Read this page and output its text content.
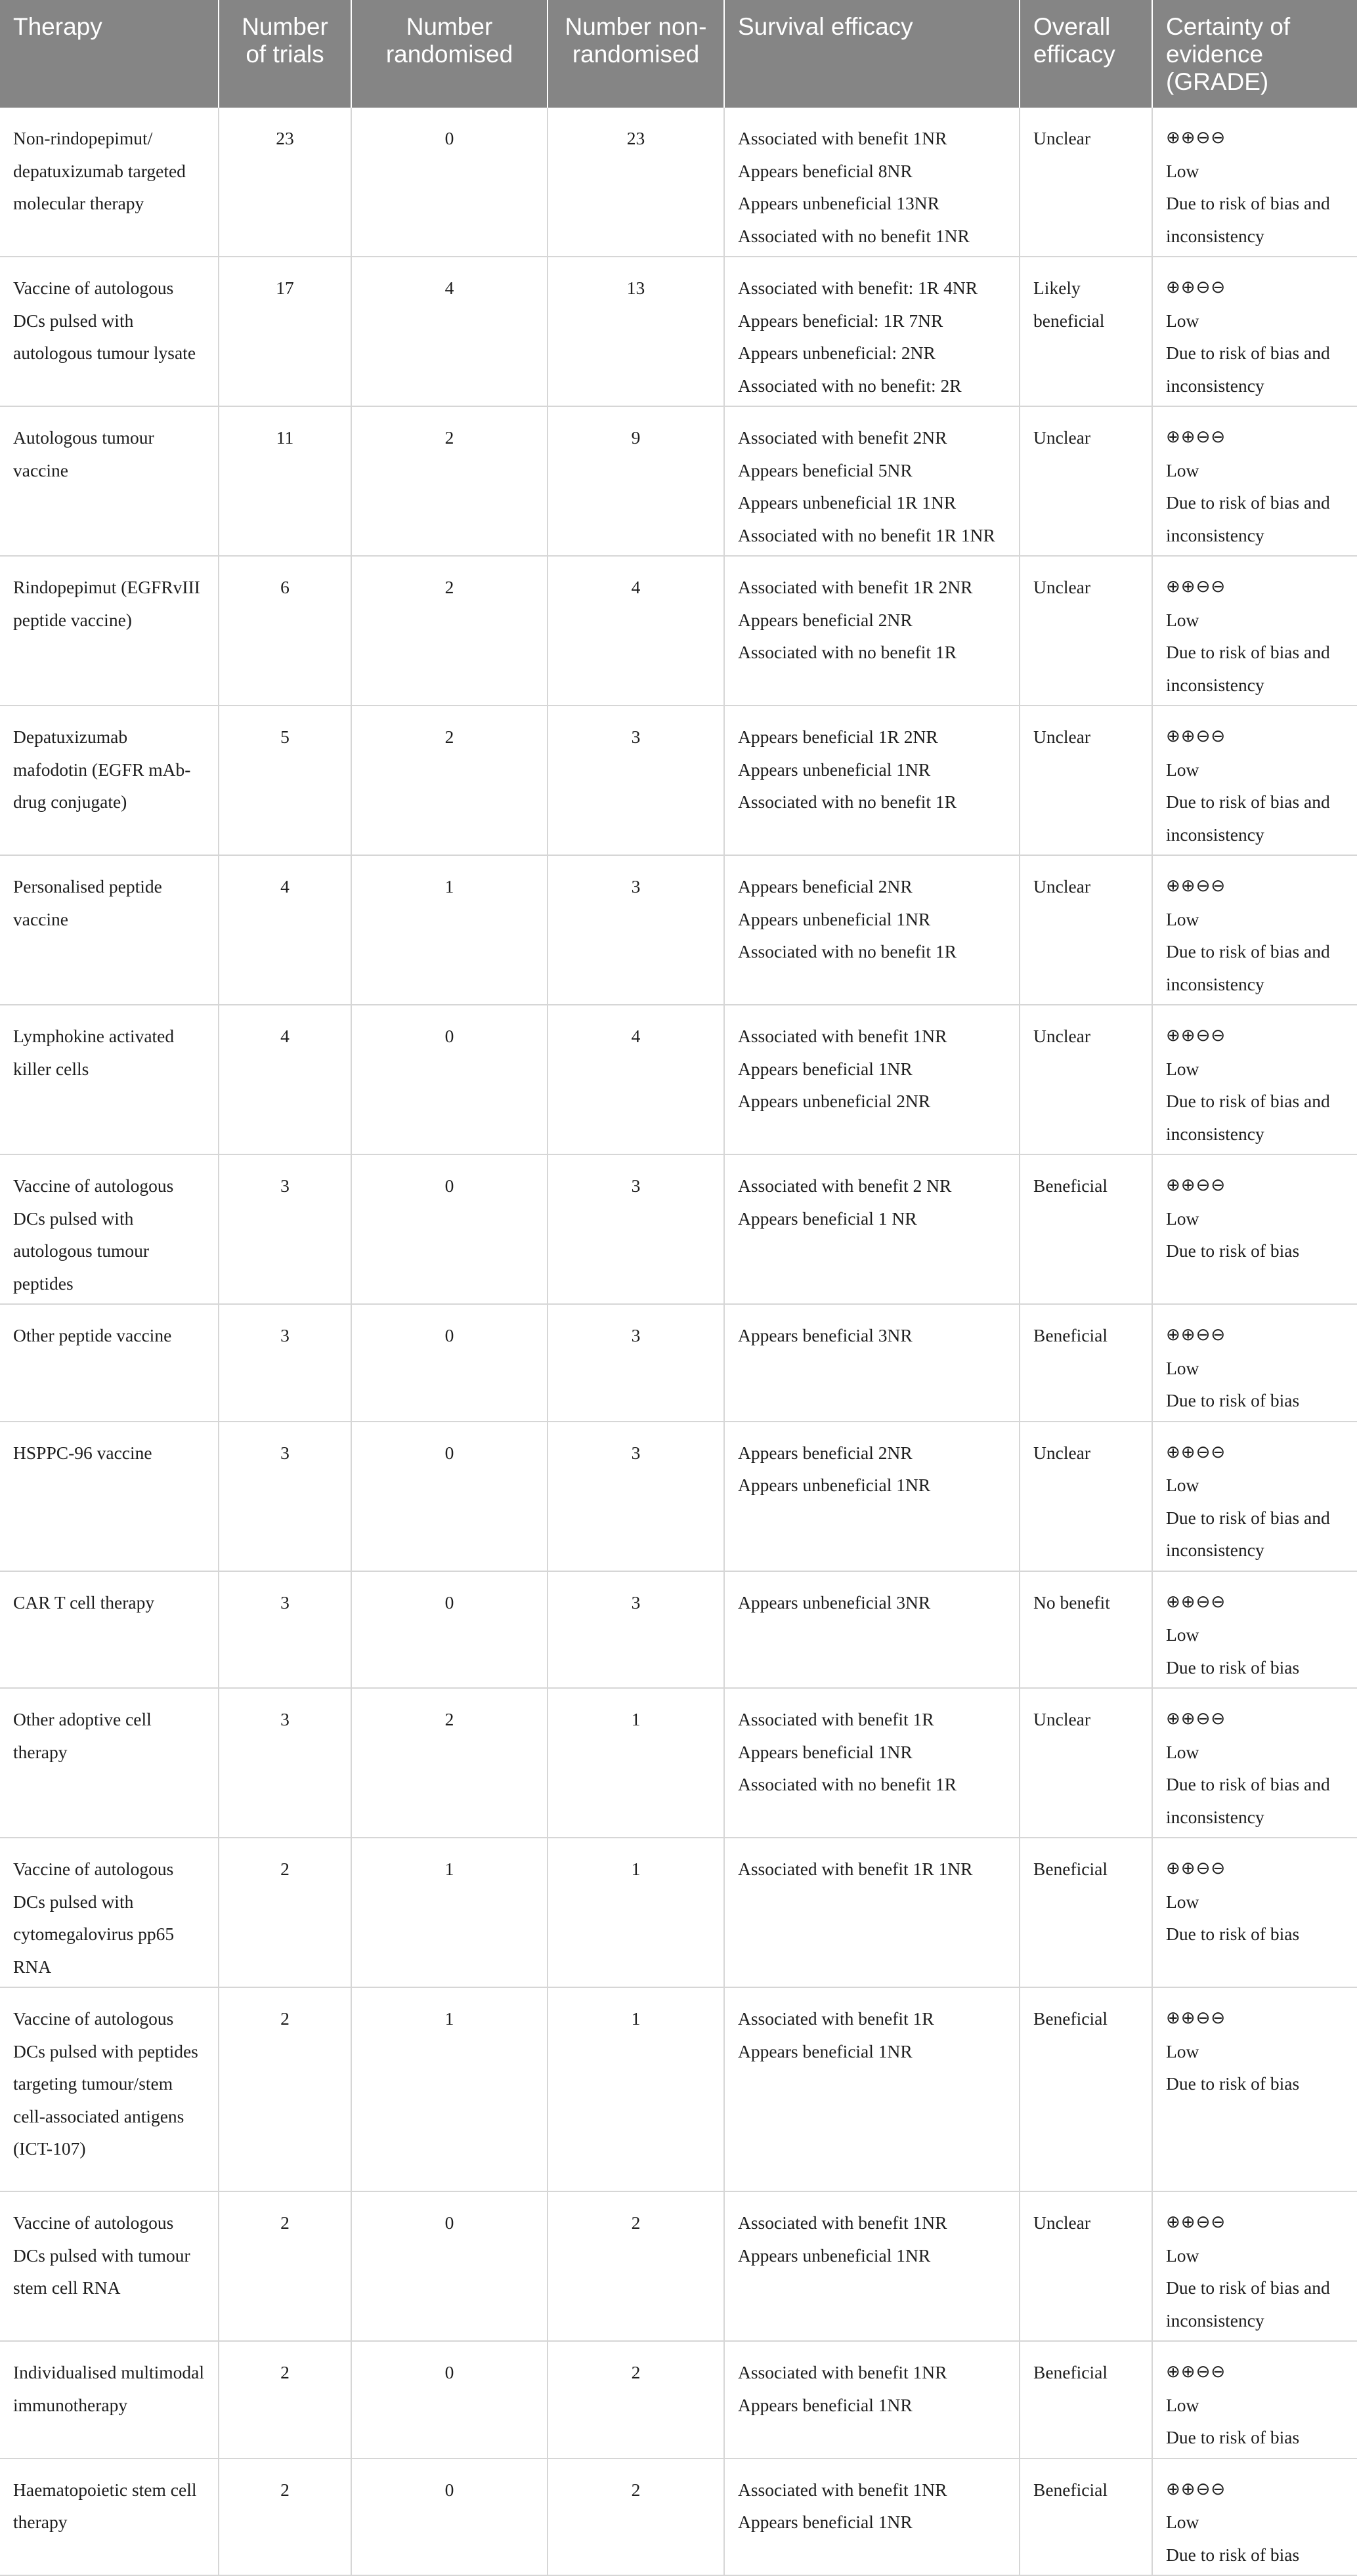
Therapy	Number of trials	Number randomised	Number non-randomised	Survival efficacy	Overall efficacy	Certainty of evidence (GRADE)
Non-rindopepimut/ depatuxizumab targeted molecular therapy	23	0	23	Associated with benefit 1NR
Appears beneficial 8NR
Appears unbeneficial 13NR
Associated with no benefit 1NR	Unclear	⊕⊕⊖⊖
Low
Due to risk of bias and inconsistency

Vaccine of autologous DCs pulsed with autologous tumour lysate	17	4	13	Associated with benefit: 1R 4NR
Appears beneficial: 1R 7NR
Appears unbeneficial: 2NR
Associated with no benefit: 2R	Likely beneficial	⊕⊕⊖⊖
Low
Due to risk of bias and inconsistency

Autologous tumour vaccine	11	2	9	Associated with benefit 2NR
Appears beneficial 5NR
Appears unbeneficial 1R 1NR
Associated with no benefit 1R 1NR	Unclear	⊕⊕⊖⊖
Low
Due to risk of bias and inconsistency

Rindopepimut (EGFRvIII peptide vaccine)	6	2	4	Associated with benefit 1R 2NR
Appears beneficial 2NR
Associated with no benefit 1R	Unclear	⊕⊕⊖⊖
Low
Due to risk of bias and inconsistency

Depatuxizumab mafodotin (EGFR mAb-drug conjugate)	5	2	3	Appears beneficial 1R 2NR
Appears unbeneficial 1NR
Associated with no benefit 1R	Unclear	⊕⊕⊖⊖
Low
Due to risk of bias and inconsistency

Personalised peptide vaccine	4	1	3	Appears beneficial 2NR
Appears unbeneficial 1NR
Associated with no benefit 1R	Unclear	⊕⊕⊖⊖
Low
Due to risk of bias and inconsistency

Lymphokine activated killer cells	4	0	4	Associated with benefit 1NR
Appears beneficial 1NR
Appears unbeneficial 2NR	Unclear	⊕⊕⊖⊖
Low
Due to risk of bias and inconsistency

Vaccine of autologous DCs pulsed with autologous tumour peptides	3	0	3	Associated with benefit 2 NR
Appears beneficial 1 NR	Beneficial	⊕⊕⊖⊖
Low
Due to risk of bias

Other peptide vaccine	3	0	3	Appears beneficial 3NR	Beneficial	⊕⊕⊖⊖
Low
Due to risk of bias

HSPPC-96 vaccine	3	0	3	Appears beneficial 2NR
Appears unbeneficial 1NR	Unclear	⊕⊕⊖⊖
Low
Due to risk of bias and inconsistency

CAR T cell therapy	3	0	3	Appears unbeneficial 3NR	No benefit	⊕⊕⊖⊖
Low
Due to risk of bias

Other adoptive cell therapy	3	2	1	Associated with benefit 1R
Appears beneficial 1NR
Associated with no benefit 1R	Unclear	⊕⊕⊖⊖
Low
Due to risk of bias and inconsistency

Vaccine of autologous DCs pulsed with cytomegalovirus pp65 RNA	2	1	1	Associated with benefit 1R 1NR	Beneficial	⊕⊕⊖⊖
Low
Due to risk of bias

Vaccine of autologous DCs pulsed with peptides targeting tumour/stem cell-associated antigens (ICT-107)	2	1	1	Associated with benefit 1R
Appears beneficial 1NR	Beneficial	⊕⊕⊖⊖
Low
Due to risk of bias

Vaccine of autologous DCs pulsed with tumour stem cell RNA	2	0	2	Associated with benefit 1NR
Appears unbeneficial 1NR	Unclear	⊕⊕⊖⊖
Low
Due to risk of bias and inconsistency

Individualised multimodal immunotherapy	2	0	2	Associated with benefit 1NR
Appears beneficial 1NR	Beneficial	⊕⊕⊖⊖
Low
Due to risk of bias

Haematopoietic stem cell therapy	2	0	2	Associated with benefit 1NR
Appears beneficial 1NR	Beneficial	⊕⊕⊖⊖
Low
Due to risk of bias
